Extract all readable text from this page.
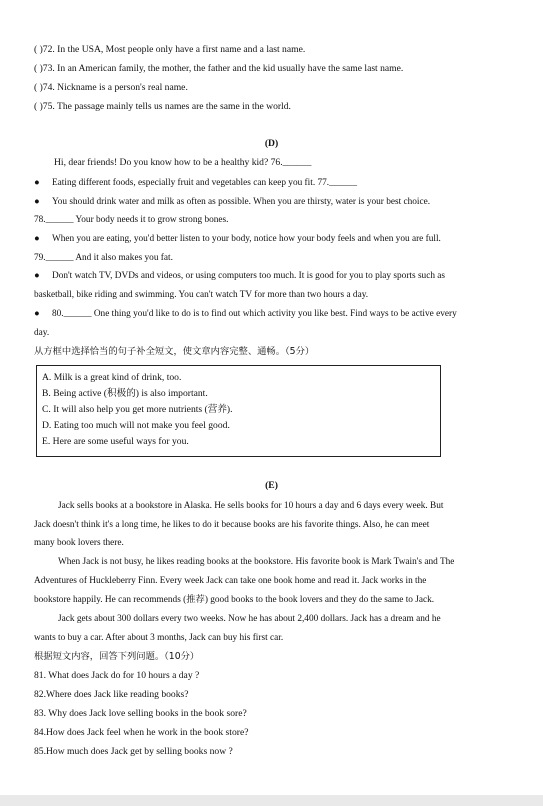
( )72. In the USA, Most people only have a first name and a last name.
( )73. In an American family, the mother, the father and the kid usually have the same last name.
( )74. Nickname is a person's real name.
( )75. The passage mainly tells us names are the same in the world.
(D)
Hi, dear friends! Do you know how to be a healthy kid? 76.______
● Eating different foods, especially fruit and vegetables can keep you fit. 77.______
● You should drink water and milk as often as possible. When you are thirsty, water is your best choice.
78.______ Your body needs it to grow strong bones.
● When you are eating, you'd better listen to your body, notice how your body feels and when you are full.
79.______ And it also makes you fat.
● Don't watch TV, DVDs and videos, or using computers too much. It is good for you to play sports such as
basketball, bike riding and swimming. You can't watch TV for more than two hours a day.
● 80.______ One thing you'd like to do is to find out which activity you like best. Find ways to be active every
day.
从方框中选择恰当的句子补全短文，使文章内容完整、通畅。（5分）
A. Milk is a great kind of drink, too.
B. Being active (积极的) is also important.
C. It will also help you get more nutrients (营养).
D. Eating too much will not make you feel good.
E. Here are some useful ways for you.
(E)
Jack sells books at a bookstore in Alaska. He sells books for 10 hours a day and 6 days every week. But
Jack doesn't think it's a long time, he likes to do it because books are his favorite things. Also, he can meet
many book lovers there.
When Jack is not busy, he likes reading books at the bookstore. His favorite book is Mark Twain's and The
Adventures of Huckleberry Finn. Every week Jack can take one book home and read it. Jack works in the
bookstore happily. He can recommends (推荐) good books to the book lovers and they do the same to Jack.
Jack gets about 300 dollars every two weeks. Now he has about 2,400 dollars. Jack has a dream and he
wants to buy a car. After about 3 months, Jack can buy his first car.
根据短文内容，回答下列问题。（10分）
81. What does Jack do for 10 hours a day ?
82.Where does Jack like reading books?
83. Why does Jack love selling books in the book sore?
84.How does Jack feel when he work in the book store?
85.How much does Jack get by selling books now ?
